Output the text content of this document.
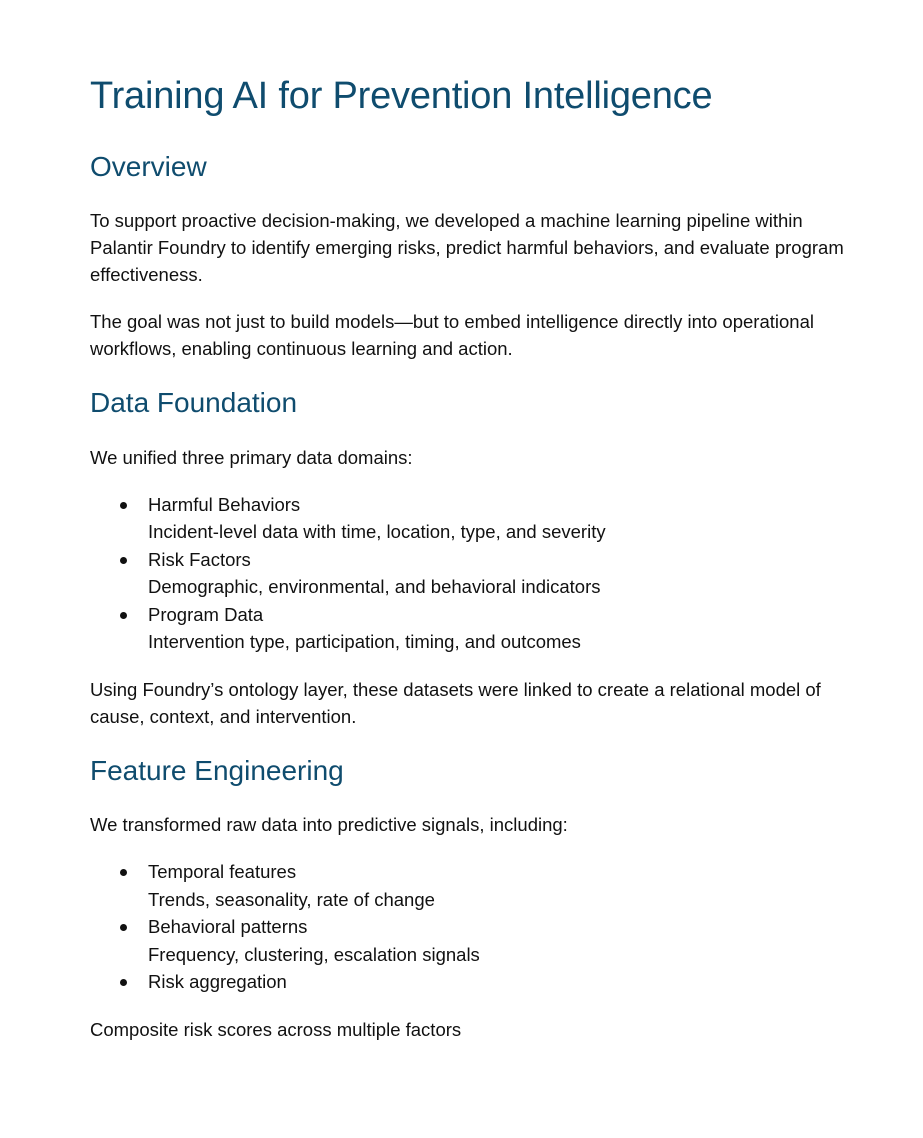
Training AI for Prevention Intelligence
Overview

To support proactive decision-making, we developed a machine learning pipeline within Palantir Foundry to identify emerging risks, predict harmful behaviors, and evaluate program effectiveness.

The goal was not just to build models—but to embed intelligence directly into operational workflows, enabling continuous learning and action.

Data Foundation

We unified three primary data domains:

Harmful Behaviors
Incident-level data with time, location, type, and severity
Risk Factors
Demographic, environmental, and behavioral indicators
Program Data
Intervention type, participation, timing, and outcomes

Using Foundry’s ontology layer, these datasets were linked to create a relational model of cause, context, and intervention.

Feature Engineering

We transformed raw data into predictive signals, including:

Temporal features
Trends, seasonality, rate of change
Behavioral patterns
Frequency, clustering, escalation signals
Risk aggregation

Composite risk scores across multiple factors
